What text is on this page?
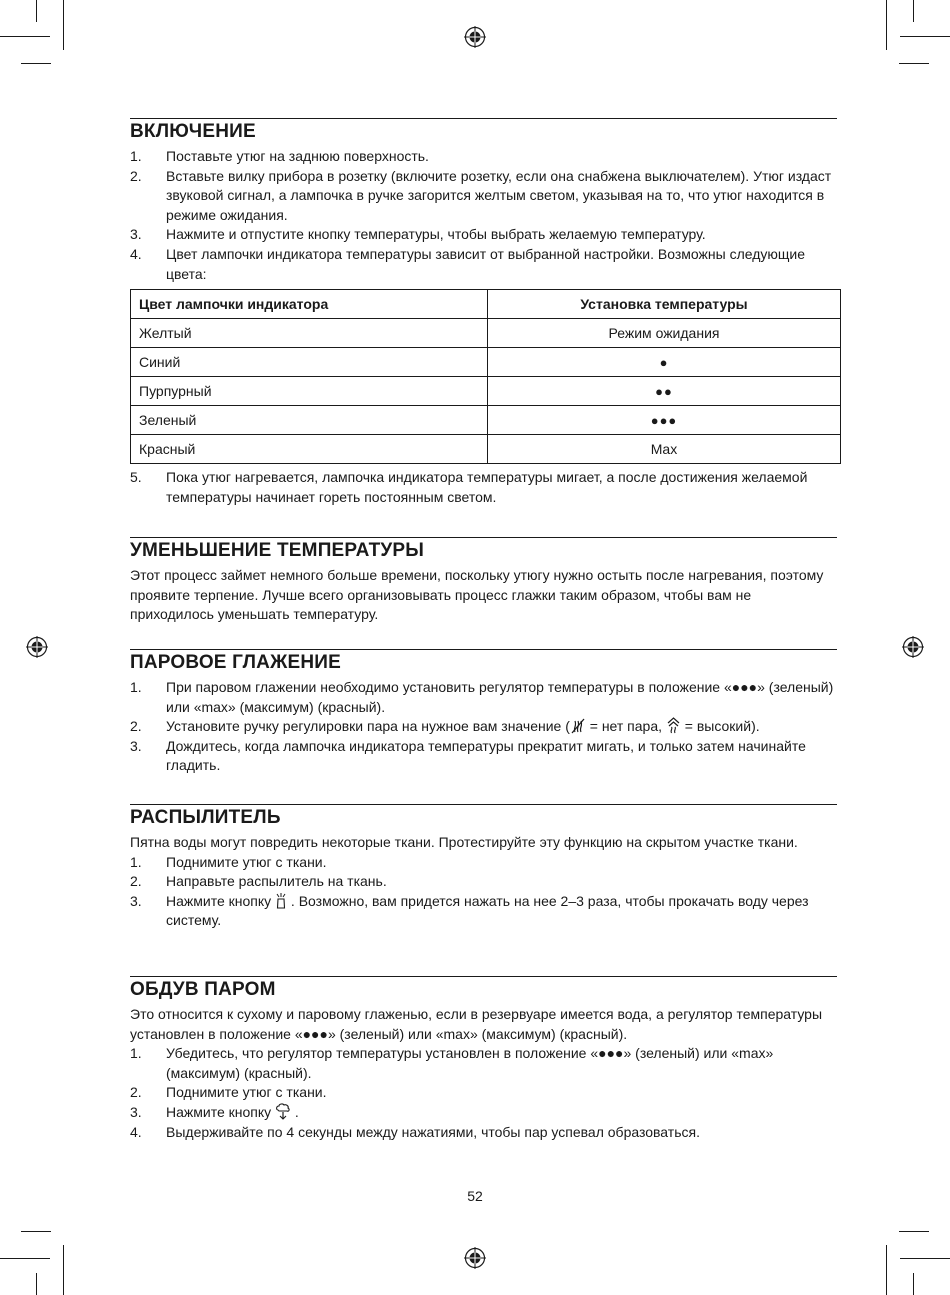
ВКЛЮЧЕНИЕ
1. Поставьте утюг на заднюю поверхность.
2. Вставьте вилку прибора в розетку (включите розетку, если она снабжена выключателем). Утюг издаст звуковой сигнал, а лампочка в ручке загорится желтым светом, указывая на то, что утюг находится в режиме ожидания.
3. Нажмите и отпустите кнопку температуры, чтобы выбрать желаемую температуру.
4. Цвет лампочки индикатора температуры зависит от выбранной настройки. Возможны следующие цвета:
Цвет лампочки индикатора	Установка температуры
Желтый	Режим ожидания
Синий	●
Пурпурный	●●
Зеленый	●●●
Красный	Max
5. Пока утюг нагревается, лампочка индикатора температуры мигает, а после достижения желаемой температуры начинает гореть постоянным светом.
УМЕНЬШЕНИЕ ТЕМПЕРАТУРЫ

Этот процесс займет немного больше времени, поскольку утюгу нужно остыть после нагревания, поэтому проявите терпение. Лучше всего организовывать процесс глажки таким образом, чтобы вам не приходилось уменьшать температуру.

ПАРОВОЕ ГЛАЖЕНИЕ
1. При паровом глажении необходимо установить регулятор температуры в положение «●●●» (зеленый) или «max» (максимум) (красный).
2. Установите ручку регулировки пара на нужное вам значение ( = нет пара,  = высокий).
3. Дождитесь, когда лампочка индикатора температуры прекратит мигать, и только затем начинайте гладить.
РАСПЫЛИТЕЛЬ

Пятна воды могут повредить некоторые ткани. Протестируйте эту функцию на скрытом участке ткани.

1. Поднимите утюг с ткани.
2. Направьте распылитель на ткань.
3. Нажмите кнопку  . Возможно, вам придется нажать на нее 2–3 раза, чтобы прокачать воду через систему.
ОБДУВ ПАРОМ

Это относится к сухому и паровому глаженью, если в резервуаре имеется вода, а регулятор температуры установлен в положение «●●●» (зеленый) или «max» (максимум) (красный).

1. Убедитесь, что регулятор температуры установлен в положение «●●●» (зеленый) или «max» (максимум) (красный).
2. Поднимите утюг с ткани.
3. Нажмите кнопку  .
4. Выдерживайте по 4 секунды между нажатиями, чтобы пар успевал образоваться.
52
